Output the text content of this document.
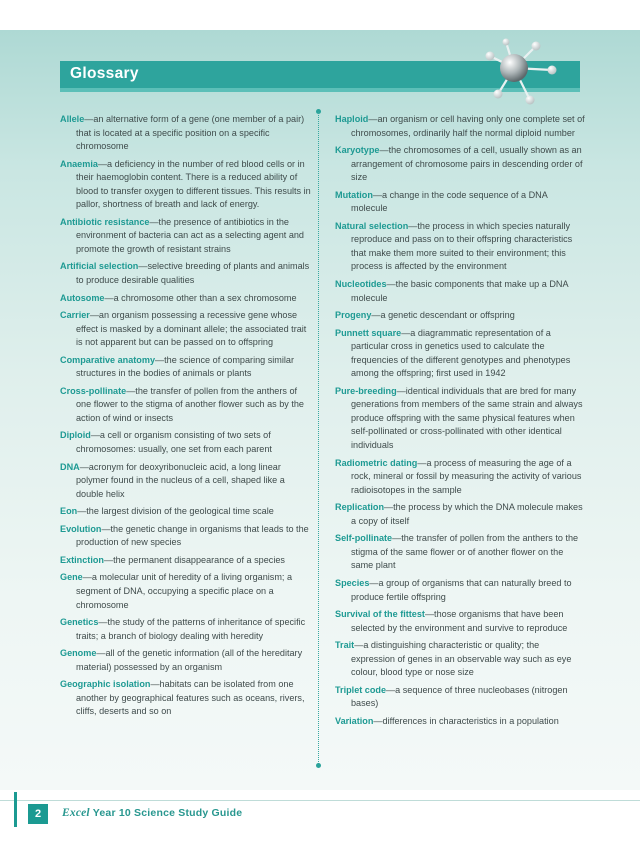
Glossary
Allele—an alternative form of a gene (one member of a pair) that is located at a specific position on a specific chromosome
Anaemia—a deficiency in the number of red blood cells or in their haemoglobin content. There is a reduced ability of blood to transfer oxygen to different tissues. This results in pallor, shortness of breath and lack of energy.
Antibiotic resistance—the presence of antibiotics in the environment of bacteria can act as a selecting agent and promote the growth of resistant strains
Artificial selection—selective breeding of plants and animals to produce desirable qualities
Autosome—a chromosome other than a sex chromosome
Carrier—an organism possessing a recessive gene whose effect is masked by a dominant allele; the associated trait is not apparent but can be passed on to offspring
Comparative anatomy—the science of comparing similar structures in the bodies of animals or plants
Cross-pollinate—the transfer of pollen from the anthers of one flower to the stigma of another flower such as by the action of wind or insects
Diploid—a cell or organism consisting of two sets of chromosomes: usually, one set from each parent
DNA—acronym for deoxyribonucleic acid, a long linear polymer found in the nucleus of a cell, shaped like a double helix
Eon—the largest division of the geological time scale
Evolution—the genetic change in organisms that leads to the production of new species
Extinction—the permanent disappearance of a species
Gene—a molecular unit of heredity of a living organism; a segment of DNA, occupying a specific place on a chromosome
Genetics—the study of the patterns of inheritance of specific traits; a branch of biology dealing with heredity
Genome—all of the genetic information (all of the hereditary material) possessed by an organism
Geographic isolation—habitats can be isolated from one another by geographical features such as oceans, rivers, cliffs, deserts and so on
Haploid—an organism or cell having only one complete set of chromosomes, ordinarily half the normal diploid number
Karyotype—the chromosomes of a cell, usually shown as an arrangement of chromosome pairs in descending order of size
Mutation—a change in the code sequence of a DNA molecule
Natural selection—the process in which species naturally reproduce and pass on to their offspring characteristics that make them more suited to their environment; this process is affected by the environment
Nucleotides—the basic components that make up a DNA molecule
Progeny—a genetic descendant or offspring
Punnett square—a diagrammatic representation of a particular cross in genetics used to calculate the frequencies of the different genotypes and phenotypes among the offspring; first used in 1942
Pure-breeding—identical individuals that are bred for many generations from members of the same strain and always produce offspring with the same physical features when self-pollinated or cross-pollinated with other identical individuals
Radiometric dating—a process of measuring the age of a rock, mineral or fossil by measuring the activity of various radioisotopes in the sample
Replication—the process by which the DNA molecule makes a copy of itself
Self-pollinate—the transfer of pollen from the anthers to the stigma of the same flower or of another flower on the same plant
Species—a group of organisms that can naturally breed to produce fertile offspring
Survival of the fittest—those organisms that have been selected by the environment and survive to reproduce
Trait—a distinguishing characteristic or quality; the expression of genes in an observable way such as eye colour, blood type or nose size
Triplet code—a sequence of three nucleobases (nitrogen bases)
Variation—differences in characteristics in a population
2	Excel Year 10 Science Study Guide
